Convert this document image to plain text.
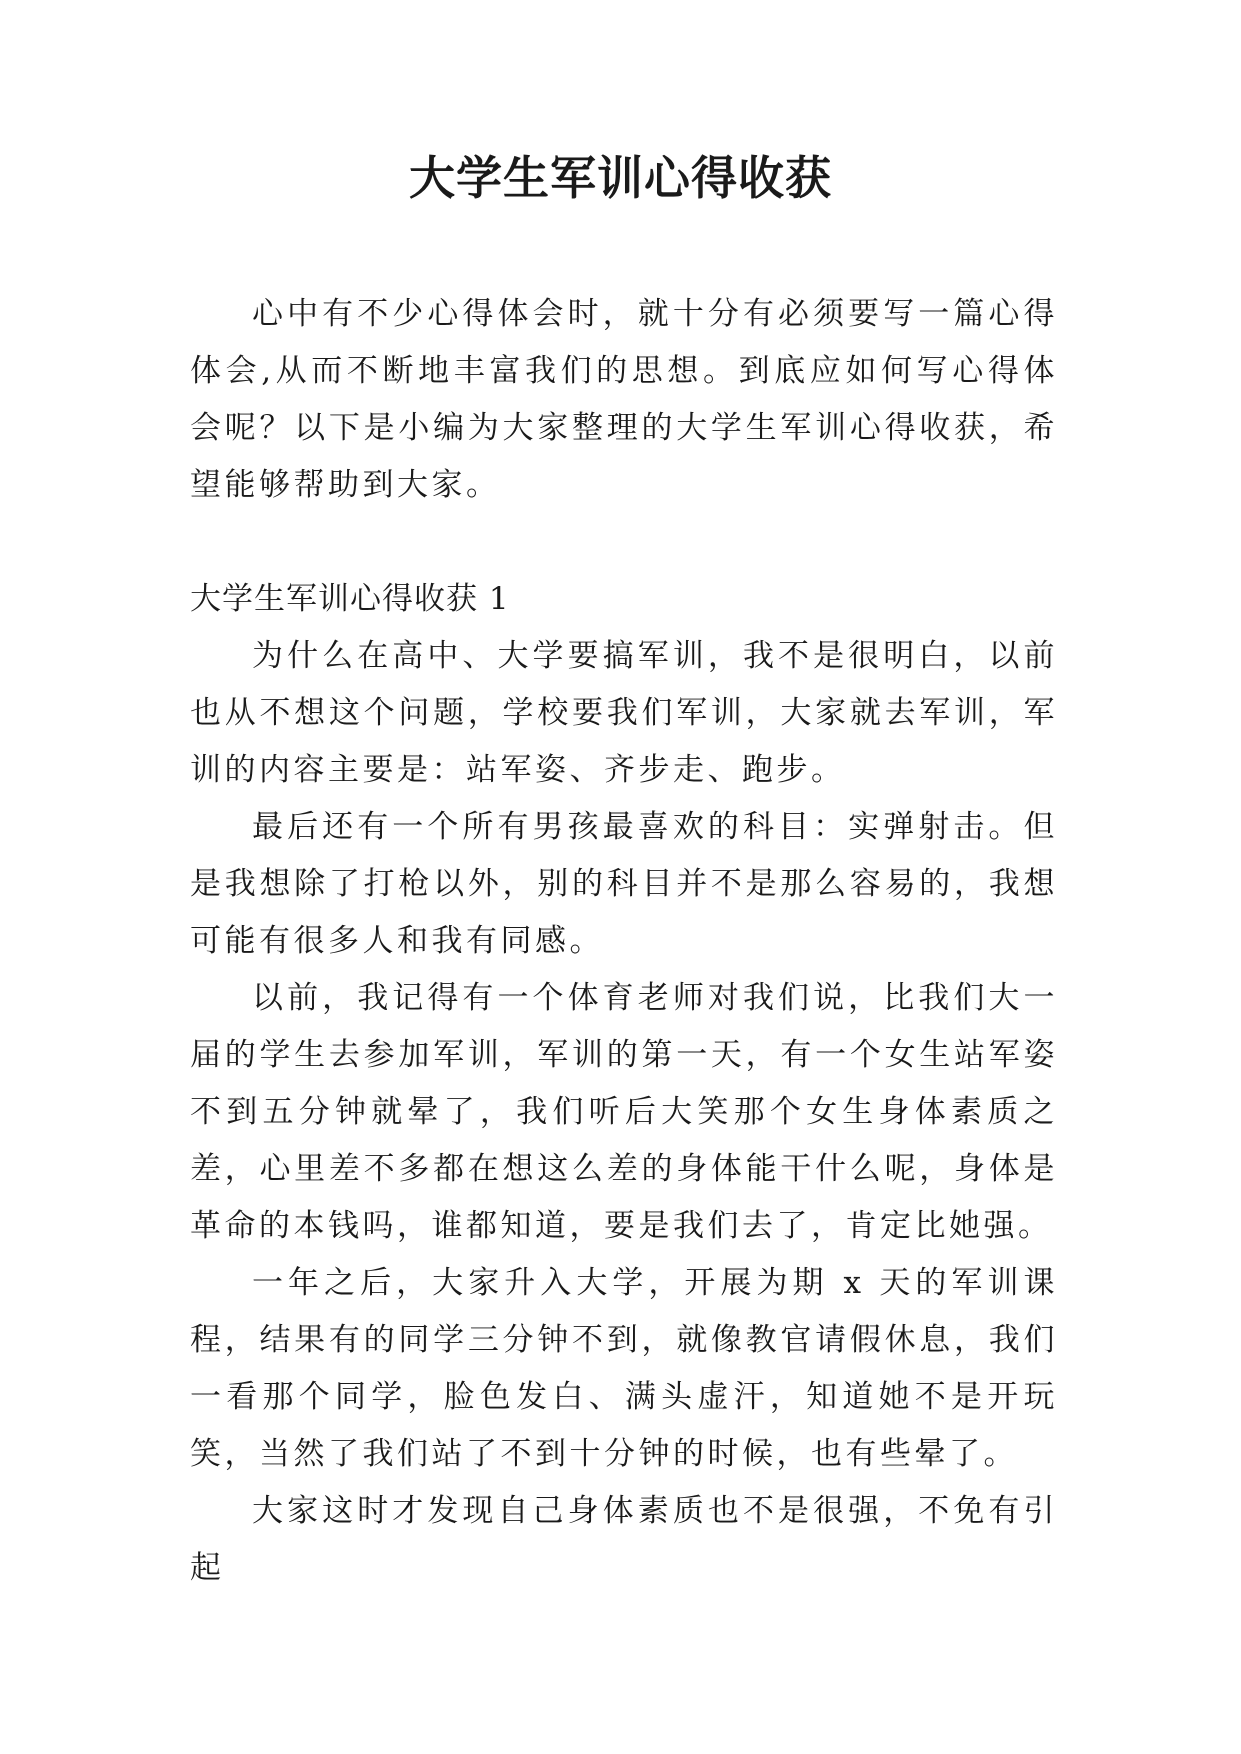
大学生军训心得收获

心中有不少心得体会时，就十分有必须要写一篇心得体会,从而不断地丰富我们的思想。到底应如何写心得体会呢？以下是小编为大家整理的大学生军训心得收获，希望能够帮助到大家。

大学生军训心得收获 1

为什么在高中、大学要搞军训，我不是很明白，以前也从不想这个问题，学校要我们军训，大家就去军训，军训的内容主要是：站军姿、齐步走、跑步。

最后还有一个所有男孩最喜欢的科目：实弹射击。但是我想除了打枪以外，别的科目并不是那么容易的，我想可能有很多人和我有同感。

以前，我记得有一个体育老师对我们说，比我们大一届的学生去参加军训，军训的第一天，有一个女生站军姿不到五分钟就晕了，我们听后大笑那个女生身体素质之差，心里差不多都在想这么差的身体能干什么呢，身体是革命的本钱吗，谁都知道，要是我们去了，肯定比她强。

一年之后，大家升入大学，开展为期 x 天的军训课程，结果有的同学三分钟不到，就像教官请假休息，我们一看那个同学，脸色发白、满头虚汗，知道她不是开玩笑，当然了我们站了不到十分钟的时候，也有些晕了。

大家这时才发现自己身体素质也不是很强，不免有引起
